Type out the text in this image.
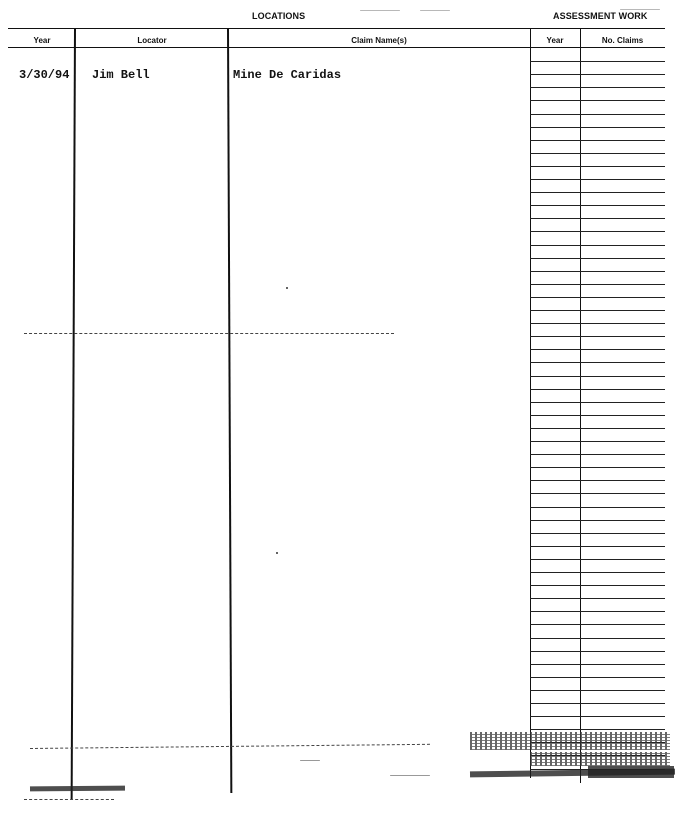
LOCATIONS	ASSESSMENT WORK
Year	Locator	Claim Name(s)	Year	No. Claims
3/30/94 Jim Bell	Mine De Caridas
